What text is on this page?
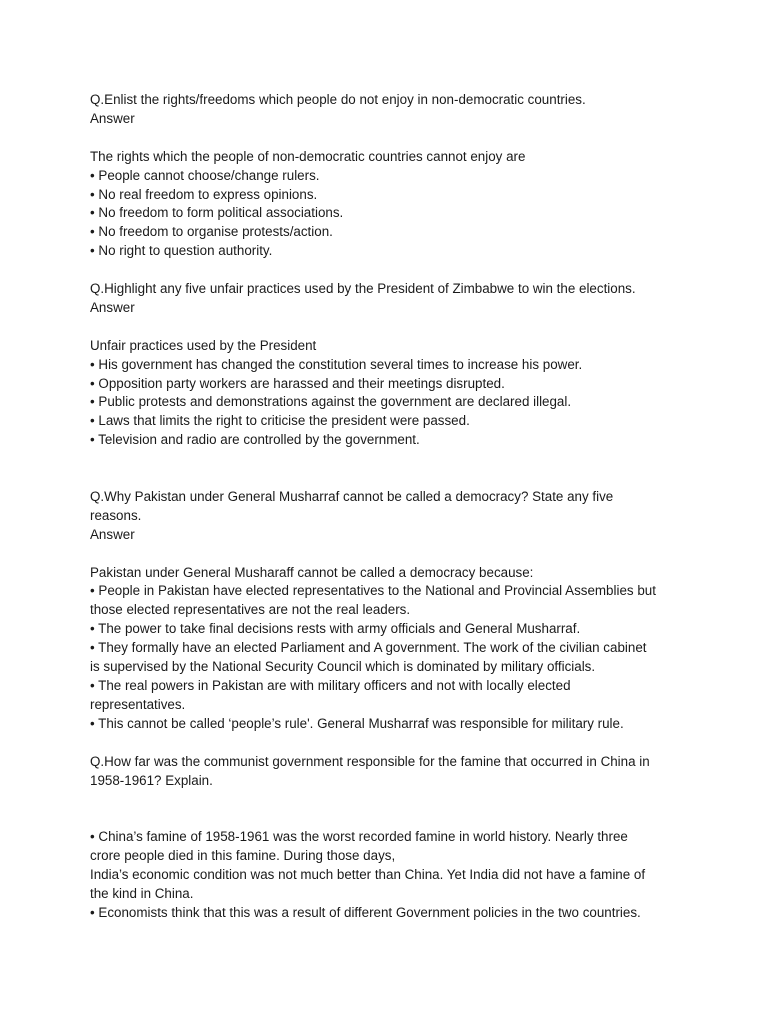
Q.Enlist the rights/freedoms which people do not enjoy in non-democratic countries.

Answer

The rights which the people of non-democratic countries cannot enjoy are

• People cannot choose/change rulers.

• No real freedom to express opinions.

• No freedom to form political associations.

• No freedom to organise protests/action.

• No right to question authority.

Q.Highlight any five unfair practices used by the President of Zimbabwe to win the elections.

Answer

Unfair practices used by the President

• His government has changed the constitution several times to increase his power.

• Opposition party workers are harassed and their meetings disrupted.

• Public protests and demonstrations against the government are declared illegal.

• Laws that limits the right to criticise the president were passed.

• Television and radio are controlled by the government.

Q.Why Pakistan under General Musharraf cannot be called a democracy? State any five

reasons.

Answer

Pakistan under General Musharaff cannot be called a democracy because:

• People in Pakistan have elected representatives to the National and Provincial Assemblies but

those elected representatives are not the real leaders.

• The power to take final decisions rests with army officials and General Musharraf.

• They formally have an elected Parliament and A government. The work of the civilian cabinet

is supervised by the National Security Council which is dominated by military officials.

• The real powers in Pakistan are with military officers and not with locally elected

representatives.

• This cannot be called ‘people’s rule'. General Musharraf was responsible for military rule.

Q.How far was the communist government responsible for the famine that occurred in China in

1958-1961? Explain.

• China’s famine of 1958-1961 was the worst recorded famine in world history. Nearly three

crore people died in this famine. During those days,

India’s economic condition was not much better than China. Yet India did not have a famine of

the kind in China.

• Economists think that this was a result of different Government policies in the two countries.
